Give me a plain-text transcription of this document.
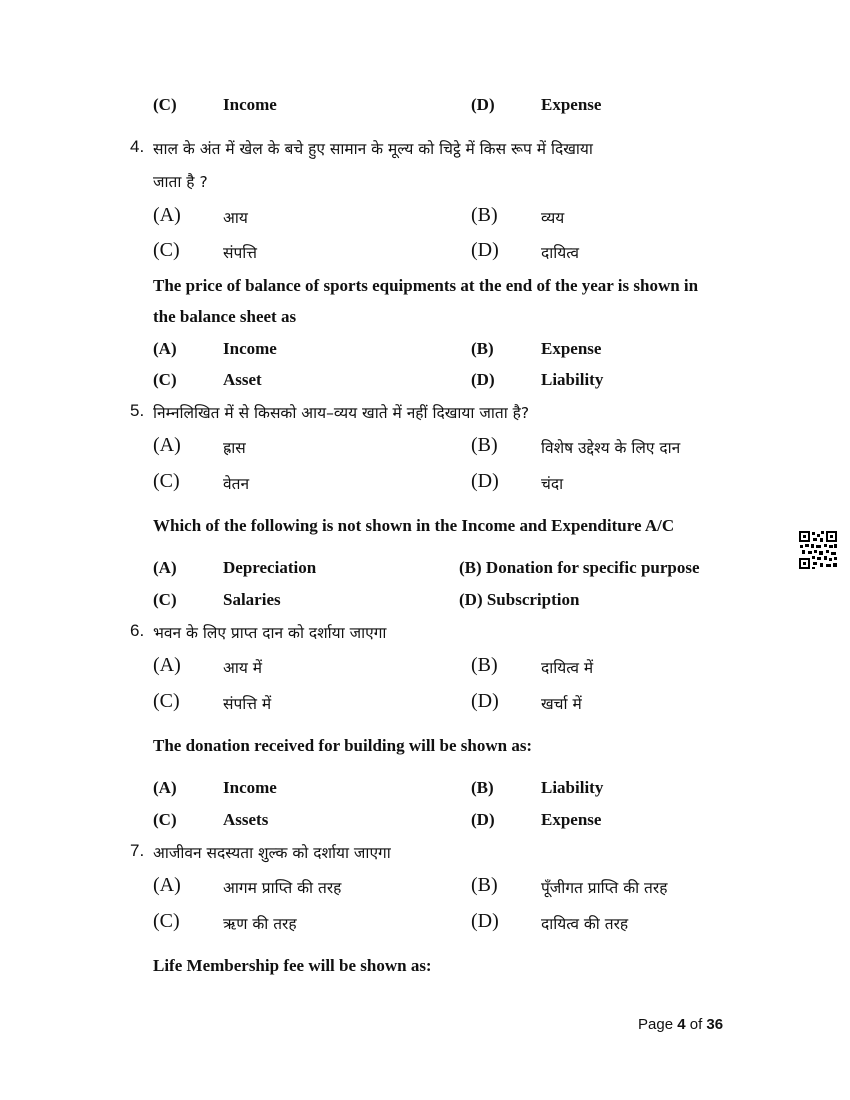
(C)	Income	(D)	Expense
4. साल के अंत में खेल के बचे हुए सामान के मूल्य को चिट्ठे में किस रूप में दिखाया
जाता है ?
(A)	आय	(B)	व्यय
(C)	संपत्ति	(D)	दायित्व
The price of balance of sports equipments at the end of the year is shown in
the balance sheet as
(A)	Income	(B)	Expense
(C)	Asset	(D)	Liability
5. निम्नलिखित में से किसको आय–व्यय खाते में नहीं दिखाया जाता है?
(A)	ह्रास	(B)	विशेष उद्देश्य के लिए दान
(C)	वेतन	(D)	चंदा
Which of the following is not shown in the Income and Expenditure A/C
(A)	Depreciation	(B) Donation for specific purpose
(C)	Salaries	(D) Subscription
6. भवन के लिए प्राप्त दान को दर्शाया जाएगा
(A)	आय में	(B)	दायित्व में
(C)	संपत्ति में	(D)	खर्चा में
The donation received for building will be shown as:
(A)	Income	(B)	Liability
(C)	Assets	(D)	Expense
7. आजीवन सदस्यता शुल्क को दर्शाया जाएगा
(A)	आगम प्राप्ति की तरह	(B)	पूँजीगत प्राप्ति की तरह
(C)	ऋण की तरह	(D)	दायित्व की तरह
Life Membership fee will be shown as:
Page 4 of 36
